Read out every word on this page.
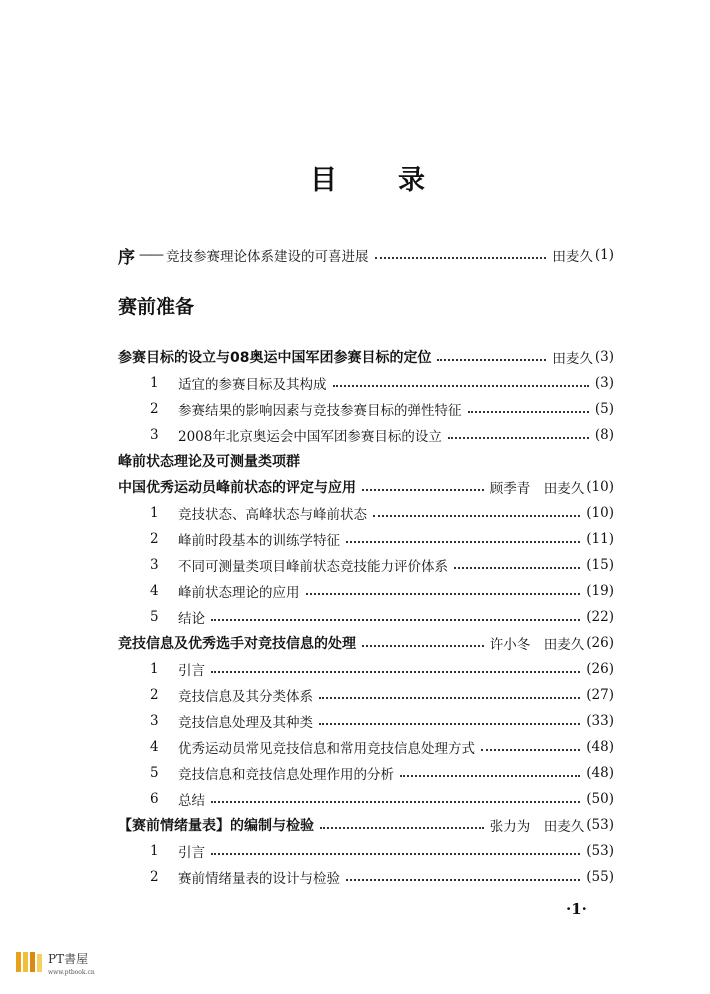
目 录
序 —— 竞技参赛理论体系建设的可喜进展	田麦久 (1)
赛前准备
参赛目标的设立与08奥运中国军团参赛目标的定位	田麦久 (3)
1	适宜的参赛目标及其构成	(3)
2	参赛结果的影响因素与竞技参赛目标的弹性特征	(5)
3	2008年北京奥运会中国军团参赛目标的设立	(8)
峰前状态理论及可测量类项群
中国优秀运动员峰前状态的评定与应用	顾季青　田麦久 (10)
1	竞技状态、高峰状态与峰前状态	(10)
2	峰前时段基本的训练学特征	(11)
3	不同可测量类项目峰前状态竞技能力评价体系	(15)
4	峰前状态理论的应用	(19)
5	结论	(22)
竞技信息及优秀选手对竞技信息的处理	许小冬　田麦久 (26)
1	引言	(26)
2	竞技信息及其分类体系	(27)
3	竞技信息处理及其种类	(33)
4	优秀运动员常见竞技信息和常用竞技信息处理方式	(48)
5	竞技信息和竞技信息处理作用的分析	(48)
6	总结	(50)
【赛前情绪量表】的编制与检验	张力为　田麦久 (53)
1	引言	(53)
2	赛前情绪量表的设计与检验	(55)
·1·
PT書屋
www.ptbook.cn
